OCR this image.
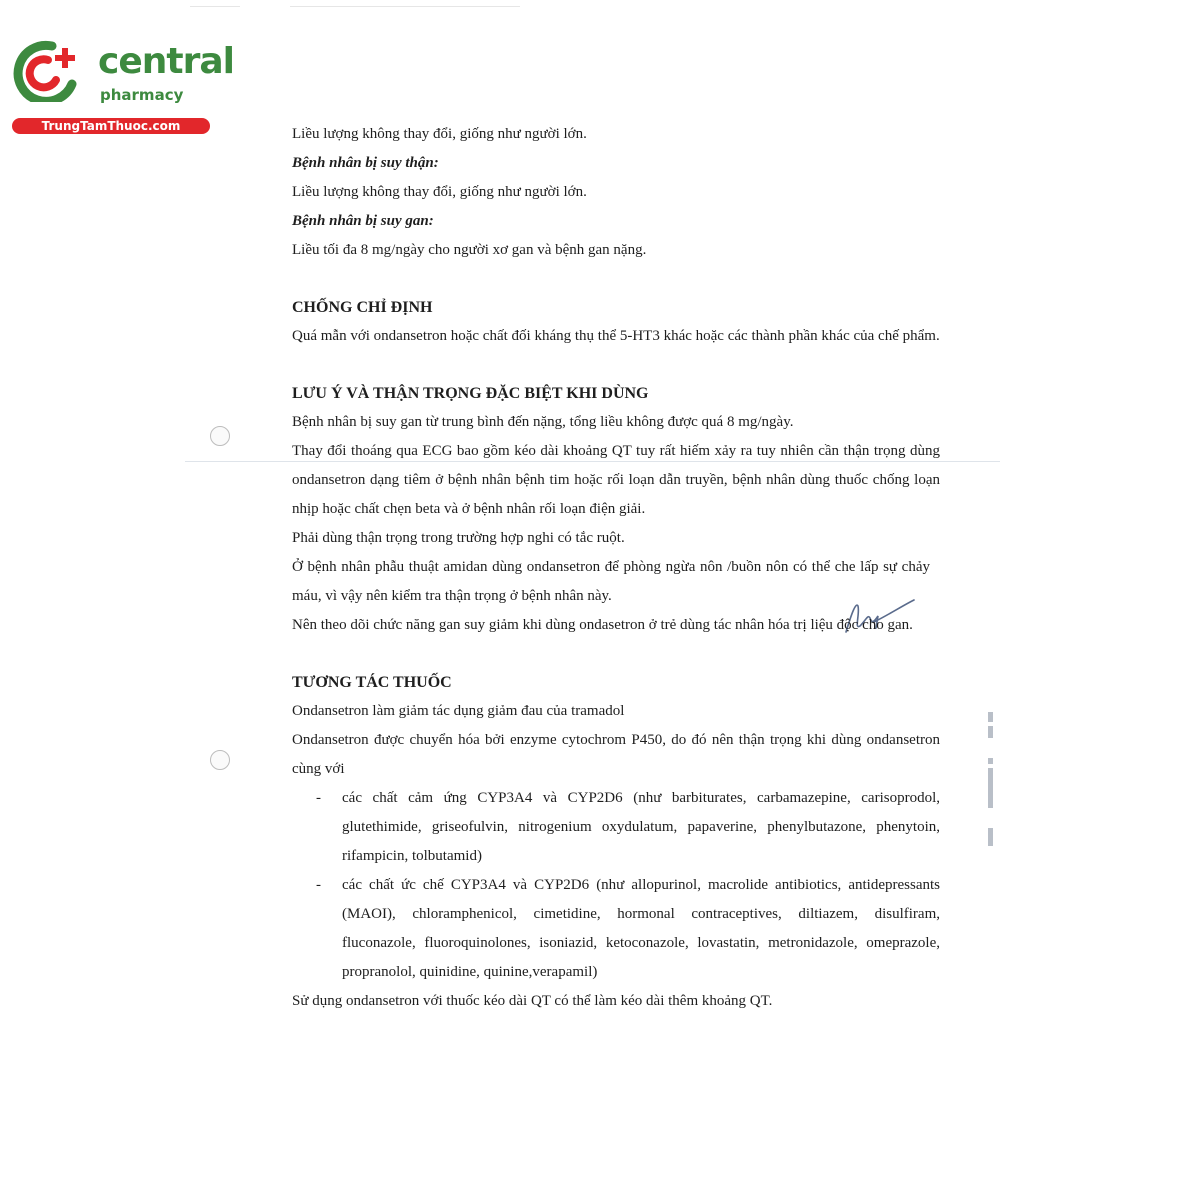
central
pharmacy
TrungTamThuoc.com	Liều lượng không thay đổi, giống như người lớn.

Bệnh nhân bị suy thận:

Liều lượng không thay đổi, giống như người lớn.

Bệnh nhân bị suy gan:

Liều tối đa 8 mg/ngày cho người xơ gan và bệnh gan nặng.

CHỐNG CHỈ ĐỊNH

Quá mẫn với ondansetron hoặc chất đối kháng thụ thể 5-HT3 khác hoặc các thành phần khác của chế phẩm.

LƯU Ý VÀ THẬN TRỌNG ĐẶC BIỆT KHI DÙNG

Bệnh nhân bị suy gan từ trung bình đến nặng, tổng liều không được quá 8 mg/ngày.

Thay đổi thoáng qua ECG bao gồm kéo dài khoảng QT tuy rất hiếm xảy ra tuy nhiên cần thận trọng dùng ondansetron dạng tiêm ở bệnh nhân bệnh tim hoặc rối loạn dẫn truyền, bệnh nhân dùng thuốc chống loạn nhịp hoặc chất chẹn beta và ở bệnh nhân rối loạn điện giải.

Phải dùng thận trọng trong trường hợp nghi có tắc ruột.

Ở bệnh nhân phẫu thuật amidan dùng ondansetron để phòng ngừa nôn /buồn nôn có thể che lấp sự chảy máu, vì vậy nên kiểm tra thận trọng ở bệnh nhân này.

Nên theo dõi chức năng gan suy giảm khi dùng ondasetron ở trẻ dùng tác nhân hóa trị liệu độc cho gan.

TƯƠNG TÁC THUỐC

Ondansetron làm giảm tác dụng giảm đau của tramadol

Ondansetron được chuyển hóa bởi enzyme cytochrom P450, do đó nên thận trọng khi dùng ondansetron cùng với

- các chất cảm ứng CYP3A4 và CYP2D6 (như barbiturates, carbamazepine, carisoprodol, glutethimide, griseofulvin, nitrogenium oxydulatum, papaverine, phenylbutazone, phenytoin, rifampicin, tolbutamid)
- các chất ức chế CYP3A4 và CYP2D6 (như allopurinol, macrolide antibiotics, antidepressants (MAOI), chloramphenicol, cimetidine, hormonal contraceptives, diltiazem, disulfiram, fluconazole, fluoroquinolones, isoniazid, ketoconazole, lovastatin, metronidazole, omeprazole, propranolol, quinidine, quinine,verapamil)

Sử dụng ondansetron với thuốc kéo dài QT có thể làm kéo dài thêm khoảng QT.
